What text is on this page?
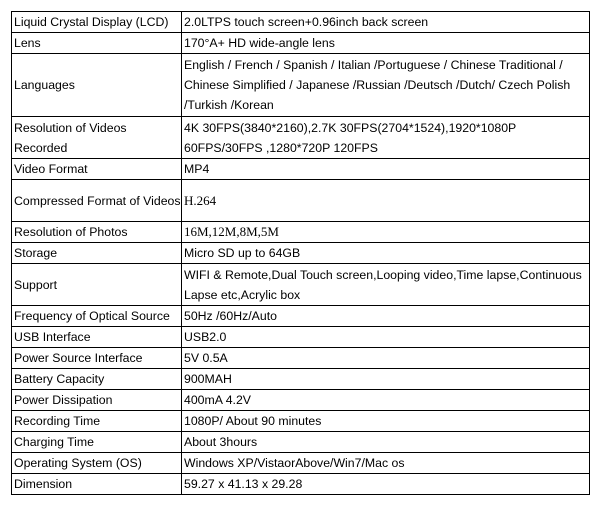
Liquid Crystal Display (LCD)	2.0LTPS touch screen+0.96inch back screen
Lens	170°A+ HD wide-angle lens
Languages	English / French / Spanish / Italian /Portuguese / Chinese Traditional / Chinese Simplified / Japanese /Russian /Deutsch /Dutch/ Czech Polish /Turkish /Korean
Resolution of Videos Recorded	4K 30FPS(3840*2160),2.7K 30FPS(2704*1524),1920*1080P 60FPS/30FPS ,1280*720P 120FPS
Video Format	MP4
Compressed Format of Videos	H.264
Resolution of Photos	16M,12M,8M,5M
Storage	Micro SD up to 64GB
Support	WIFI & Remote,Dual Touch screen,Looping video,Time lapse,Continuous Lapse etc,Acrylic box
Frequency of Optical Source	50Hz /60Hz/Auto
USB Interface	USB2.0
Power Source Interface	5V 0.5A
Battery Capacity	900MAH
Power Dissipation	400mA 4.2V
Recording Time	1080P/ About 90 minutes
Charging Time	About 3hours
Operating System (OS)	Windows XP/VistaorAbove/Win7/Mac os
Dimension	59.27 x 41.13 x 29.28
